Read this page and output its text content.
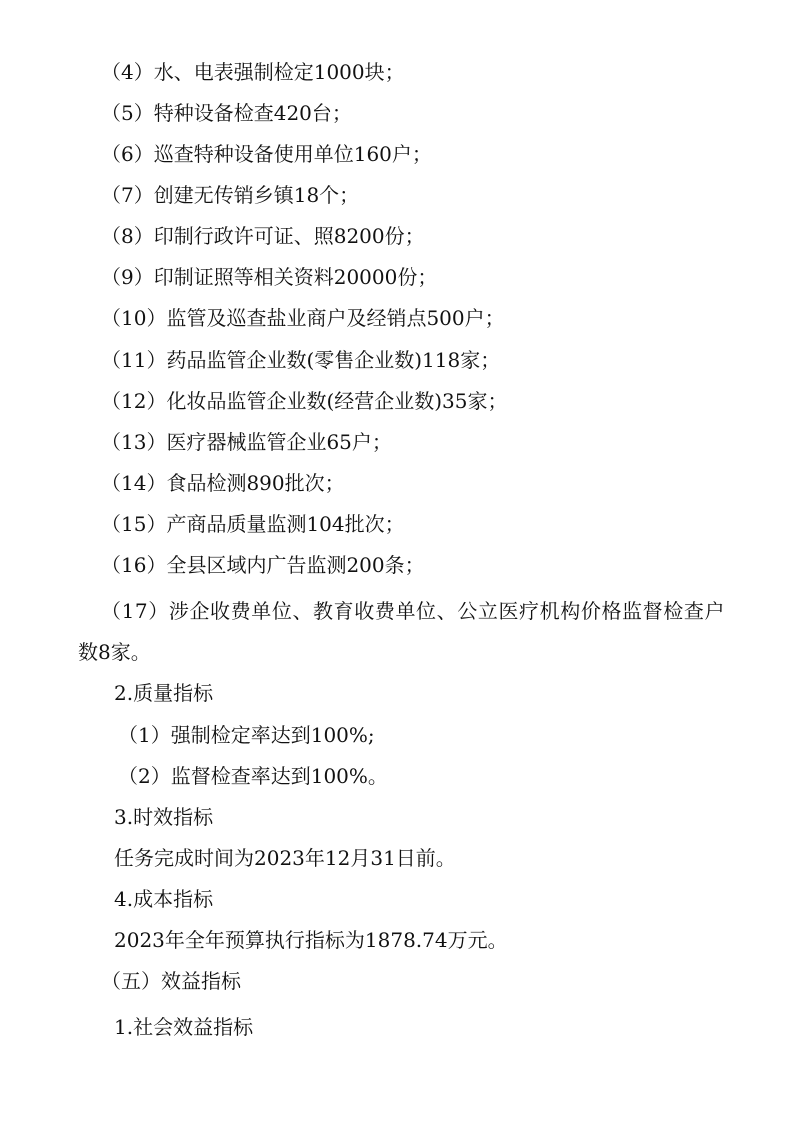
（4）水、电表强制检定1000块；
（5）特种设备检查420台；
（6）巡查特种设备使用单位160户；
（7）创建无传销乡镇18个；
（8）印制行政许可证、照8200份；
（9）印制证照等相关资料20000份；
（10）监管及巡查盐业商户及经销点500户；
（11）药品监管企业数(零售企业数)118家；
（12）化妆品监管企业数(经营企业数)35家；
（13）医疗器械监管企业65户；
（14）食品检测890批次；
（15）产商品质量监测104批次；
（16）全县区域内广告监测200条；
（17）涉企收费单位、教育收费单位、公立医疗机构价格监督检查户
数8家。
2.质量指标
（1）强制检定率达到100%;
（2）监督检查率达到100%。
3.时效指标
任务完成时间为2023年12月31日前。
4.成本指标
2023年全年预算执行指标为1878.74万元。
（五）效益指标
1.社会效益指标
